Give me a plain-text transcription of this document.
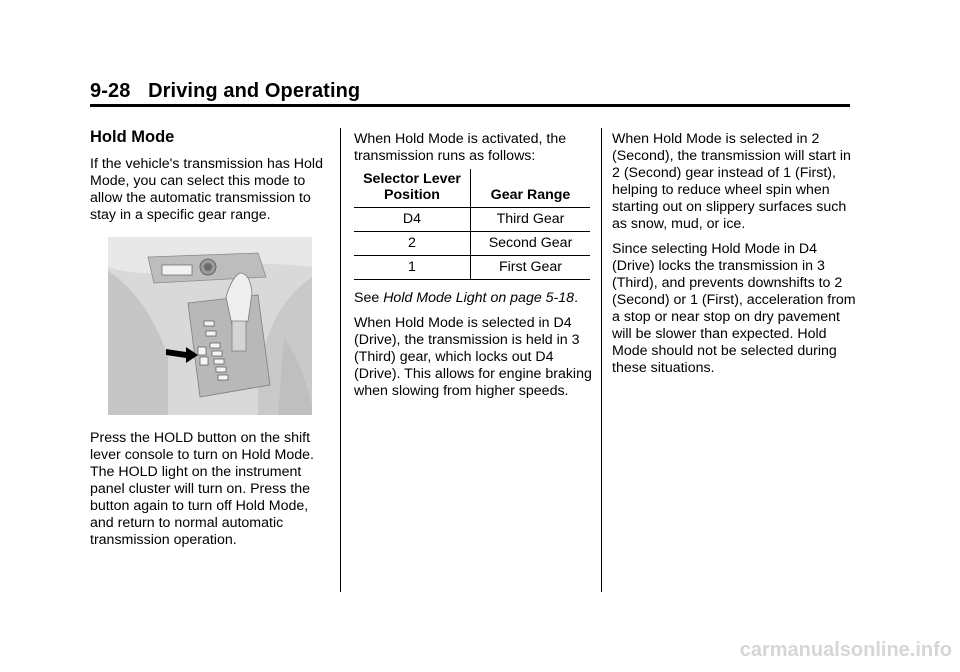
9-28 Driving and Operating
Hold Mode

If the vehicle's transmission has Hold Mode, you can select this mode to allow the automatic transmission to stay in a specific gear range.

Press the HOLD button on the shift lever console to turn on Hold Mode. The HOLD light on the instrument panel cluster will turn on. Press the button again to turn off Hold Mode, and return to normal automatic transmission operation.

When Hold Mode is activated, the transmission runs as follows:

Selector Lever Position	Gear Range
D4	Third Gear
2	Second Gear
1	First Gear

See Hold Mode Light on page 5-18.

When Hold Mode is selected in D4 (Drive), the transmission is held in 3 (Third) gear, which locks out D4 (Drive). This allows for engine braking when slowing from higher speeds.

When Hold Mode is selected in 2 (Second), the transmission will start in 2 (Second) gear instead of 1 (First), helping to reduce wheel spin when starting out on slippery surfaces such as snow, mud, or ice.

Since selecting Hold Mode in D4 (Drive) locks the transmission in 3 (Third), and prevents downshifts to 2 (Second) or 1 (First), acceleration from a stop or near stop on dry pavement will be slower than expected. Hold Mode should not be selected during these situations.

carmanualsonline.info
